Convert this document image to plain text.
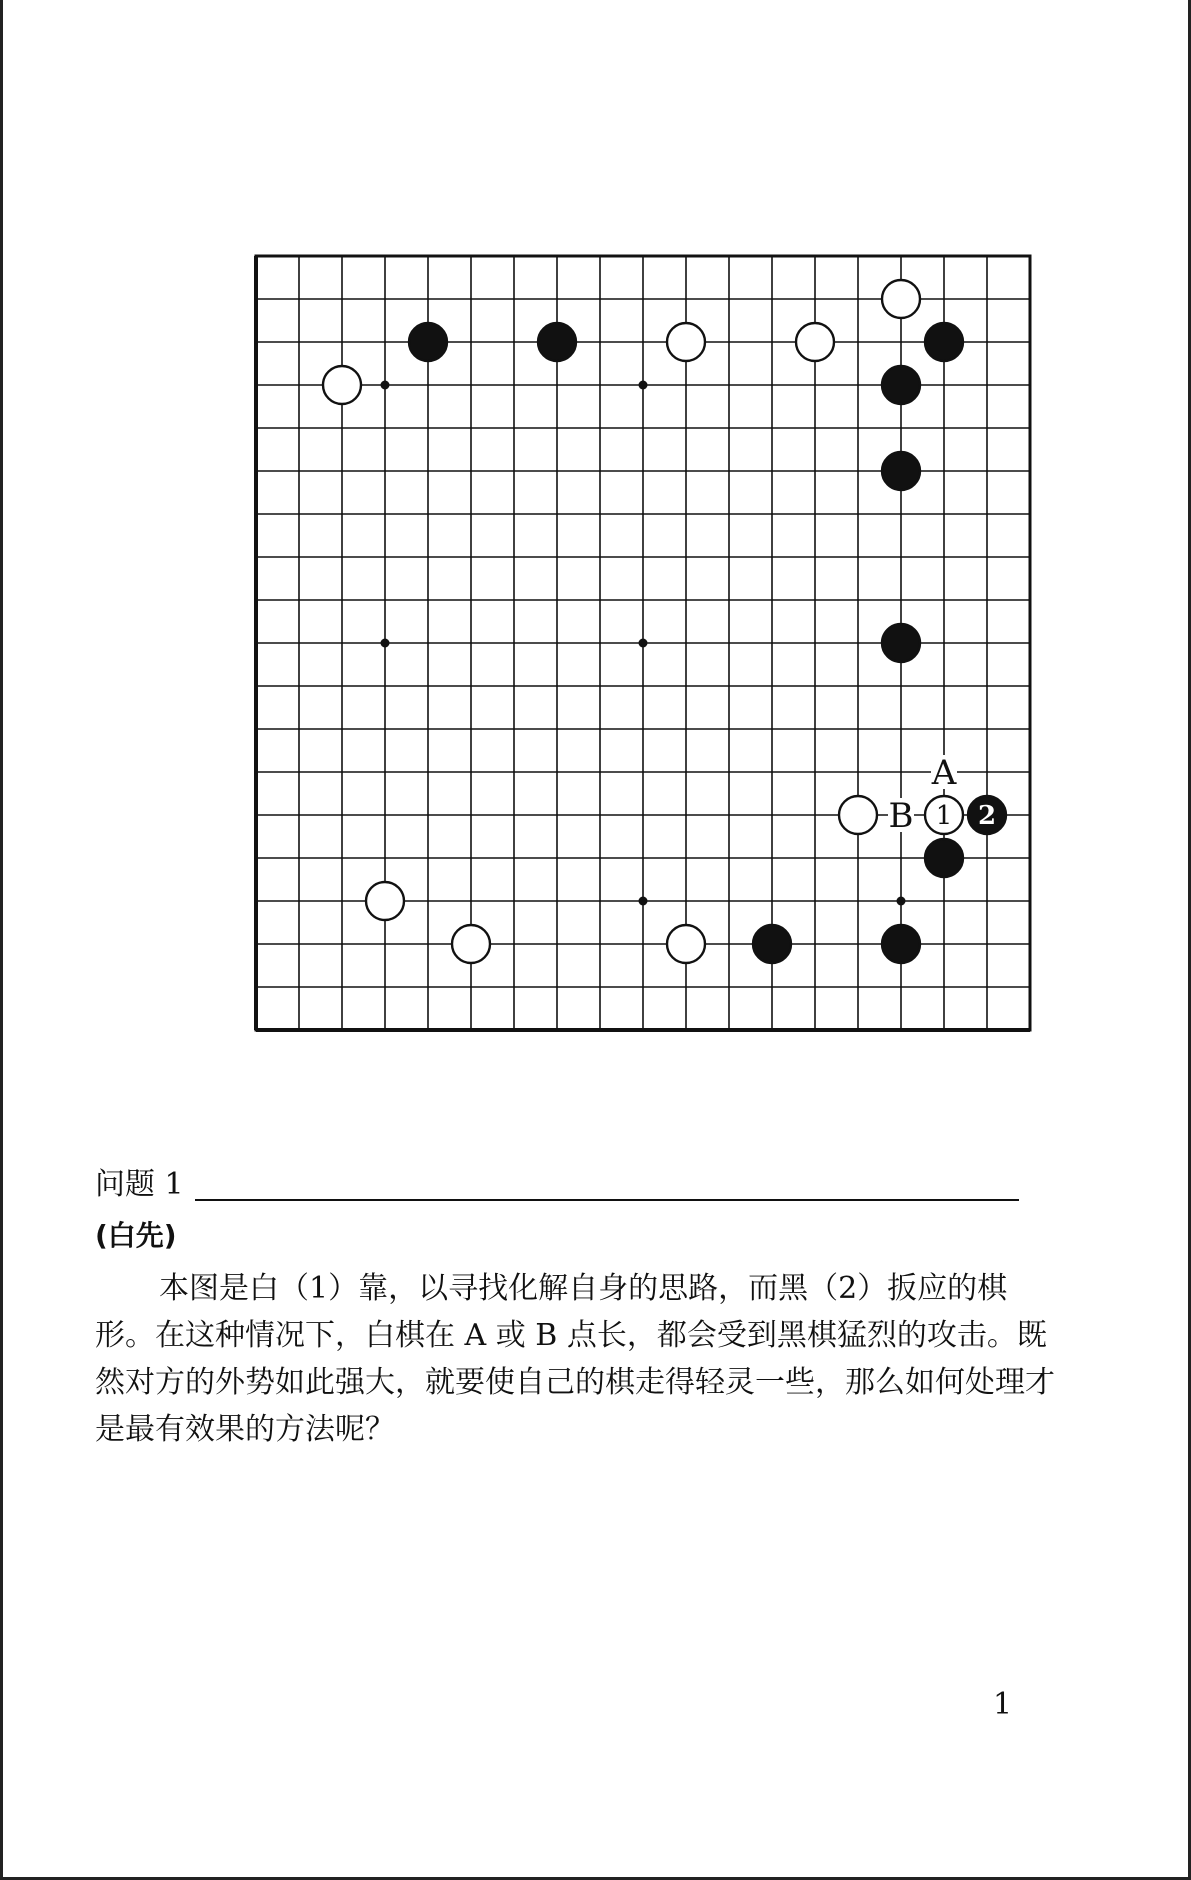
1 2
A
B
问题 1
(白先)
本图是白（1）靠，以寻找化解自身的思路，而黑（2）扳应的棋形。在这种情况下，白棋在 A 或 B 点长，都会受到黑棋猛烈的攻击。既然对方的外势如此强大，就要使自己的棋走得轻灵一些，那么如何处理才是最有效果的方法呢？
1
